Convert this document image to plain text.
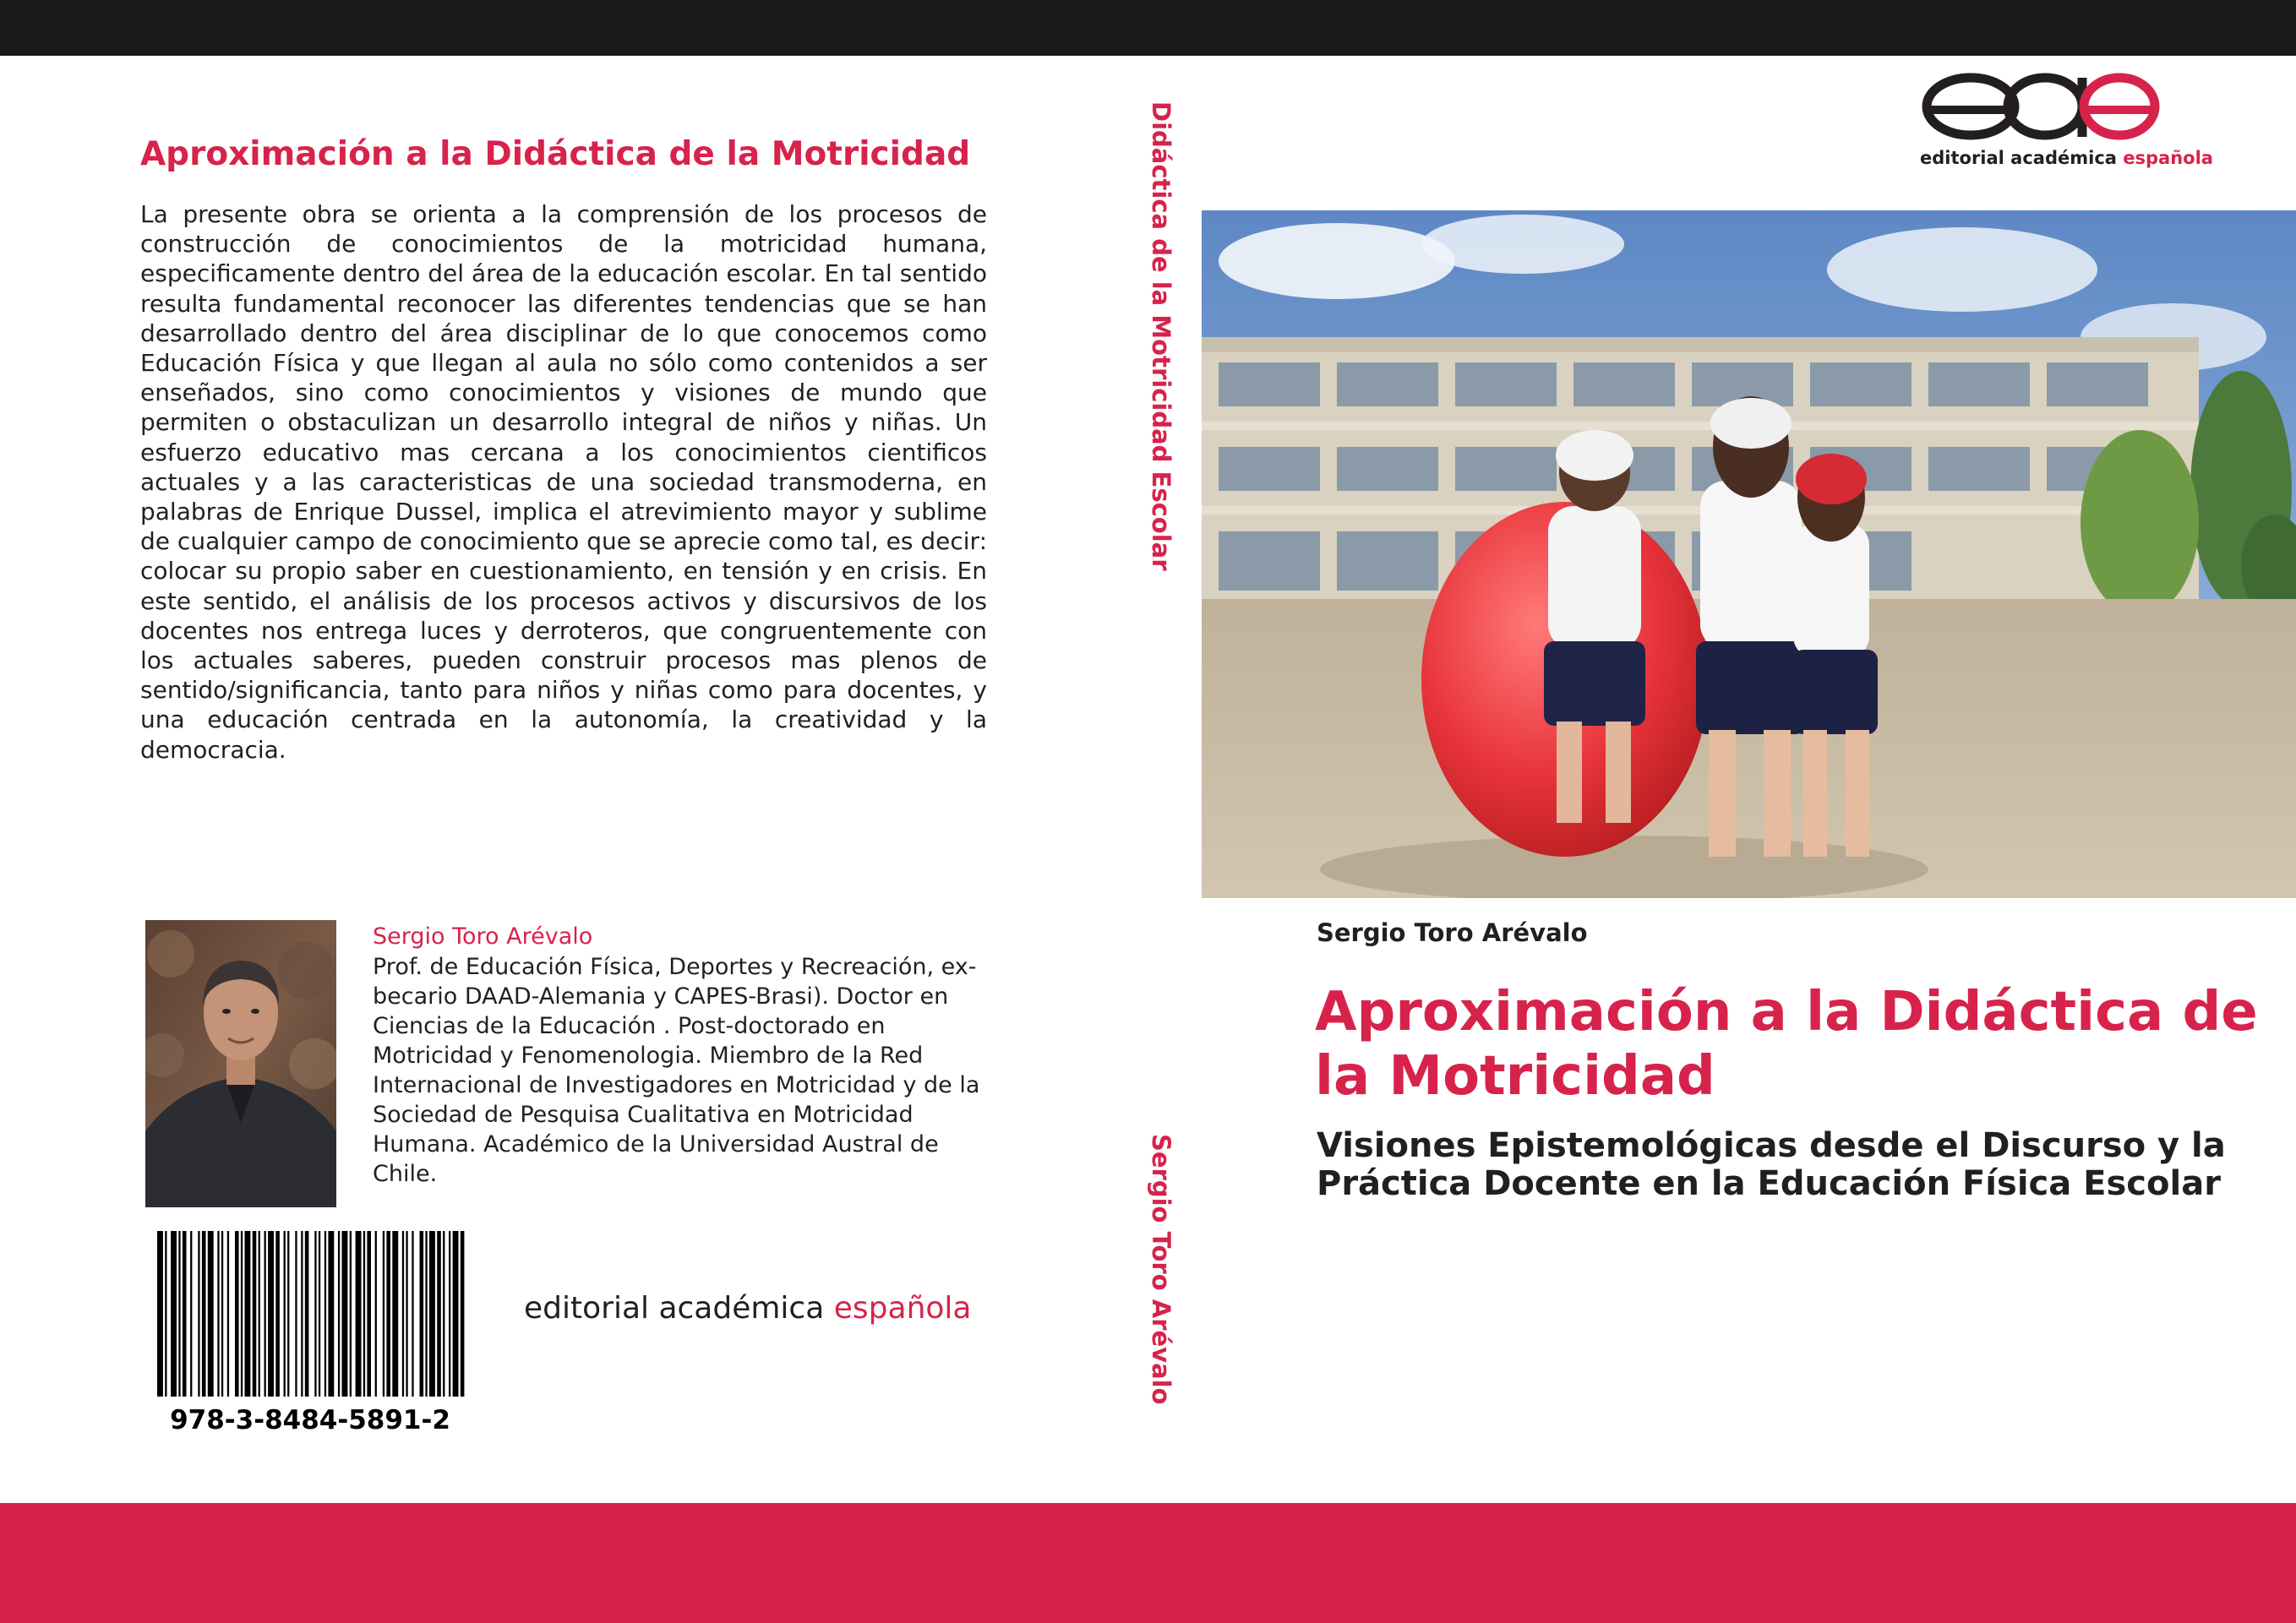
Aproximación a la Didáctica de la Motricidad
La presente obra se orienta a la comprensión de los procesos de construcción de conocimientos de la motricidad humana, especificamente dentro del área de la educación escolar. En tal sentido resulta fundamental reconocer las diferentes tendencias que se han desarrollado dentro del área disciplinar de lo que conocemos como Educación Física y que llegan al aula no sólo como contenidos a ser enseñados, sino como conocimientos y visiones de mundo que permiten o obstaculizan un desarrollo integral de niños y niñas. Un esfuerzo educativo mas cercana a los conocimientos cientificos actuales y a las caracteristicas de una sociedad transmoderna, en palabras de Enrique Dussel, implica el atrevimiento mayor y sublime de cualquier campo de conocimiento que se aprecie como tal, es decir: colocar su propio saber en cuestionamiento, en tensión y en crisis. En este sentido, el análisis de los procesos activos y discursivos de los docentes nos entrega luces y derroteros, que congruentemente con los actuales saberes, pueden construir procesos mas plenos de sentido/significancia, tanto para niños y niñas como para docentes, y una educación centrada en la autonomía, la creatividad y la democracia.
Sergio Toro Arévalo
Prof. de Educación Física, Deportes y Recreación, ex-becario DAAD-Alemania y CAPES-Brasi). Doctor en Ciencias de la Educación . Post-doctorado en Motricidad y Fenomenologia. Miembro de la Red Internacional de Investigadores en Motricidad y de la Sociedad de Pesquisa Cualitativa en Motricidad Humana. Académico de la Universidad Austral de Chile.
978-3-8484-5891-2
editorial académica española
Didáctica de la Motricidad Escolar
Sergio Toro Arévalo
editorial académica española
Sergio Toro Arévalo
Aproximación a la Didáctica de la Motricidad
Visiones Epistemológicas desde el Discurso y la Práctica Docente en la Educación Física Escolar
